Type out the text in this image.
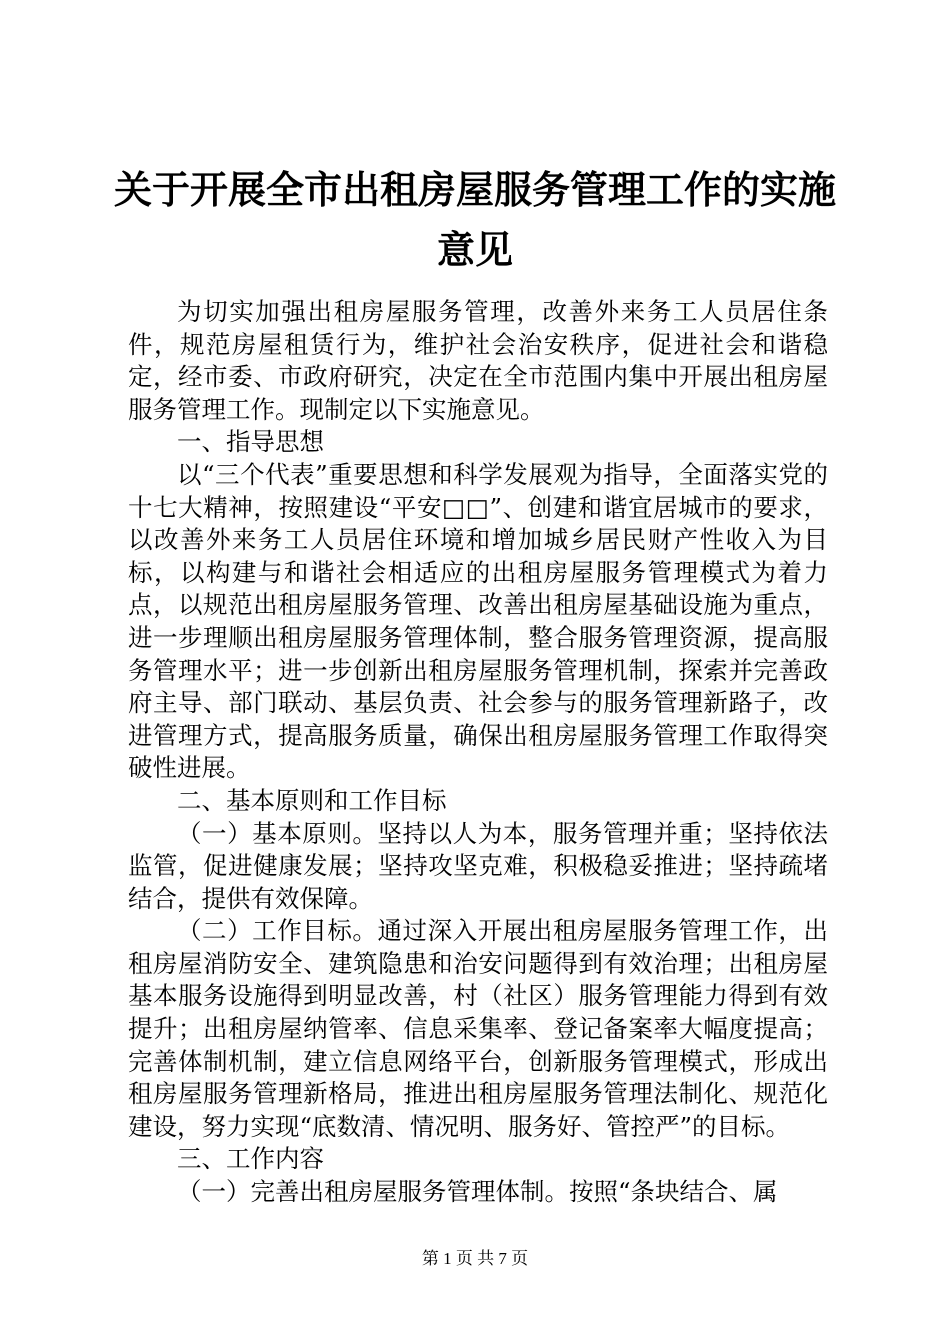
关于开展全市出租房屋服务管理工作的实施意见

为切实加强出租房屋服务管理，改善外来务工人员居住条件，规范房屋租赁行为，维护社会治安秩序，促进社会和谐稳定，经市委、市政府研究，决定在全市范围内集中开展出租房屋服务管理工作。现制定以下实施意见。

一、指导思想

以“三个代表”重要思想和科学发展观为指导，全面落实党的十七大精神，按照建设“平安□□”、创建和谐宜居城市的要求，以改善外来务工人员居住环境和增加城乡居民财产性收入为目标，以构建与和谐社会相适应的出租房屋服务管理模式为着力点，以规范出租房屋服务管理、改善出租房屋基础设施为重点，进一步理顺出租房屋服务管理体制，整合服务管理资源，提高服务管理水平；进一步创新出租房屋服务管理机制，探索并完善政府主导、部门联动、基层负责、社会参与的服务管理新路子，改进管理方式，提高服务质量，确保出租房屋服务管理工作取得突破性进展。

二、基本原则和工作目标

（一）基本原则。坚持以人为本，服务管理并重；坚持依法监管，促进健康发展；坚持攻坚克难，积极稳妥推进；坚持疏堵结合，提供有效保障。

（二）工作目标。通过深入开展出租房屋服务管理工作，出租房屋消防安全、建筑隐患和治安问题得到有效治理；出租房屋基本服务设施得到明显改善，村（社区）服务管理能力得到有效提升；出租房屋纳管率、信息采集率、登记备案率大幅度提高；完善体制机制，建立信息网络平台，创新服务管理模式，形成出租房屋服务管理新格局，推进出租房屋服务管理法制化、规范化建设，努力实现“底数清、情况明、服务好、管控严”的目标。

三、工作内容

（一）完善出租房屋服务管理体制。按照“条块结合、属

第 1 页 共 7 页
